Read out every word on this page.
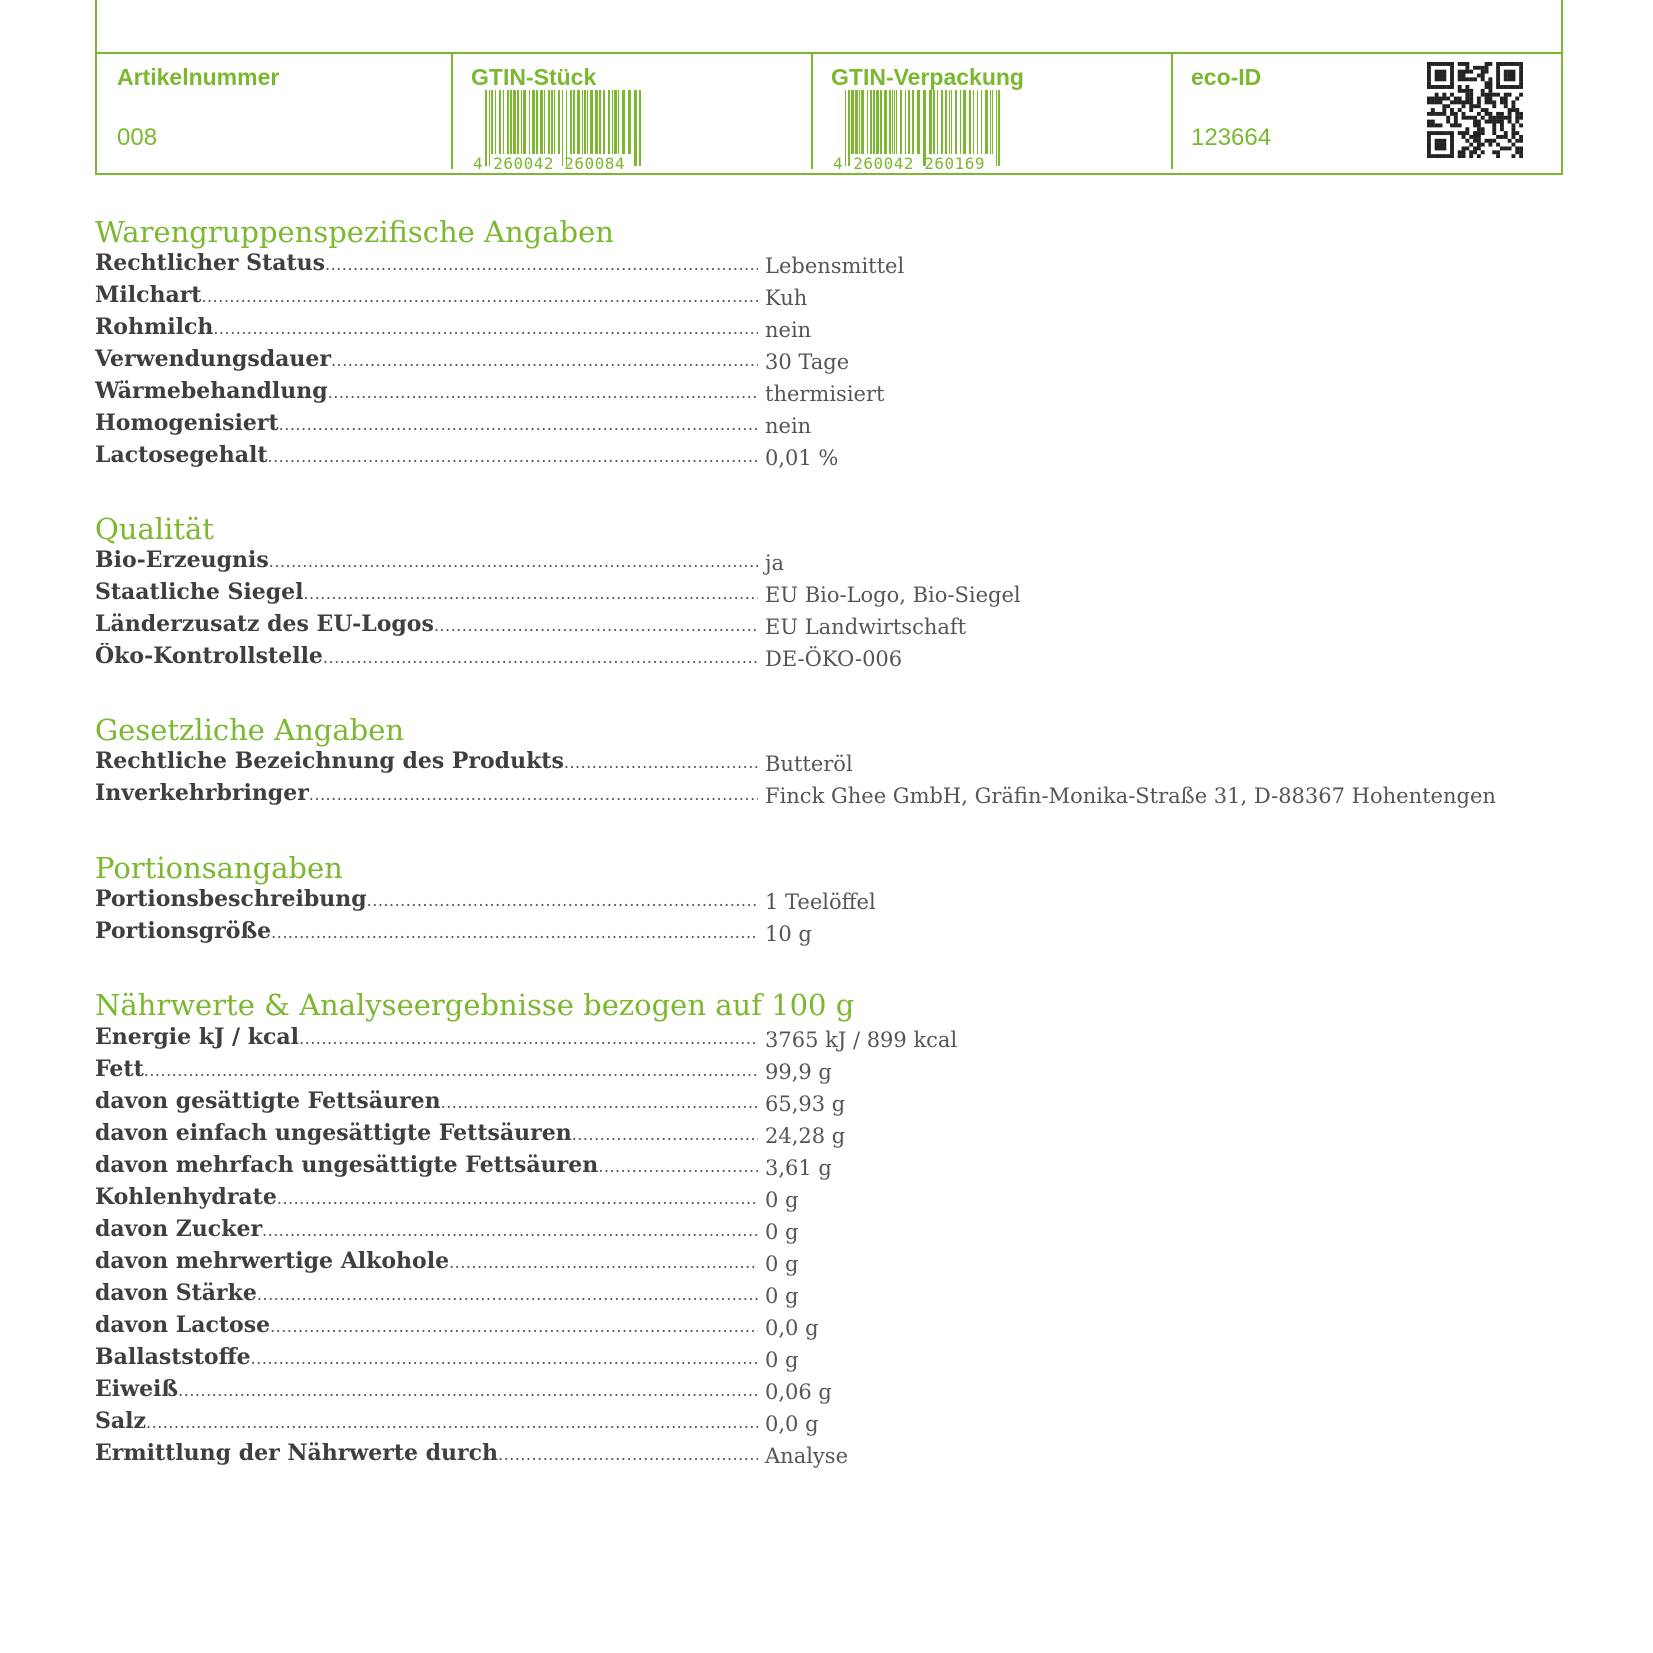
Artikelnummer
008
GTIN-Stück
4 260042 260084
GTIN-Verpackung
4 260042 260169
eco-ID
123664
Warengruppenspezifische Angaben
Qualität
Gesetzliche Angaben
Portionsangaben
Nährwerte & Analyseergebnisse bezogen auf 100 g
Rechtlicher Status .....	Lebensmittel
Milchart .....	Kuh
Rohmilch .....	nein
Verwendungsdauer .....	30 Tage
Wärmebehandlung .....	thermisiert
Homogenisiert .....	nein
Lactosegehalt .....	0,01 %
Bio-Erzeugnis .....	ja
Staatliche Siegel .....	EU Bio-Logo, Bio-Siegel
Länderzusatz des EU-Logos .....	EU Landwirtschaft
Öko-Kontrollstelle .....	DE-ÖKO-006
Rechtliche Bezeichnung des Produkts .....	Butteröl
Inverkehrbringer .....	Finck Ghee GmbH, Gräfin-Monika-Straße 31, D-88367 Hohentengen
Portionsbeschreibung .....	1 Teelöffel
Portionsgröße .....	10 g
Energie kJ / kcal .....	3765 kJ / 899 kcal
Fett .....	99,9 g
davon gesättigte Fettsäuren .....	65,93 g
davon einfach ungesättigte Fettsäuren .....	24,28 g
davon mehrfach ungesättigte Fettsäuren .....	3,61 g
Kohlenhydrate .....	0 g
davon Zucker .....	0 g
davon mehrwertige Alkohole .....	0 g
davon Stärke .....	0 g
davon Lactose .....	0,0 g
Ballaststoffe .....	0 g
Eiweiß .....	0,06 g
Salz .....	0,0 g
Ermittlung der Nährwerte durch .....	Analyse
